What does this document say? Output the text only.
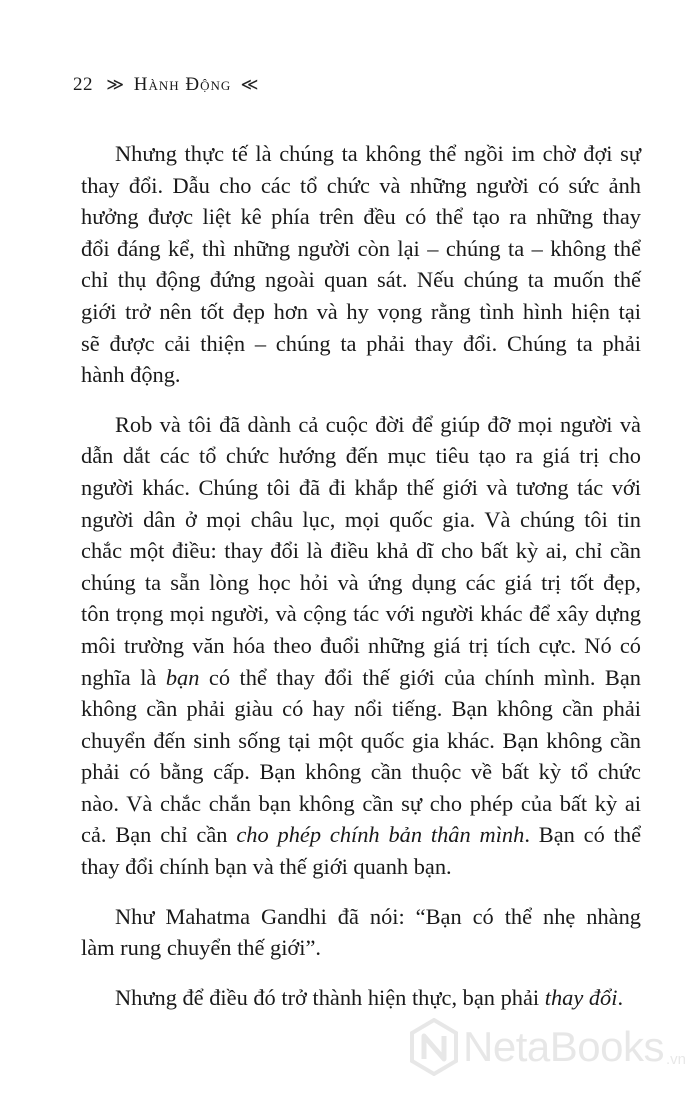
22 ≫ Hành Động ≪
Nhưng thực tế là chúng ta không thể ngồi im chờ đợi sự
thay đổi. Dẫu cho các tổ chức và những người có sức ảnh
hưởng được liệt kê phía trên đều có thể tạo ra những thay
đổi đáng kể, thì những người còn lại – chúng ta – không thể
chỉ thụ động đứng ngoài quan sát. Nếu chúng ta muốn thế
giới trở nên tốt đẹp hơn và hy vọng rằng tình hình hiện tại
sẽ được cải thiện – chúng ta phải thay đổi. Chúng ta phải
hành động.
Rob và tôi đã dành cả cuộc đời để giúp đỡ mọi người và
dẫn dắt các tổ chức hướng đến mục tiêu tạo ra giá trị cho
người khác. Chúng tôi đã đi khắp thế giới và tương tác với
người dân ở mọi châu lục, mọi quốc gia. Và chúng tôi tin
chắc một điều: thay đổi là điều khả dĩ cho bất kỳ ai, chỉ cần
chúng ta sẵn lòng học hỏi và ứng dụng các giá trị tốt đẹp,
tôn trọng mọi người, và cộng tác với người khác để xây dựng
môi trường văn hóa theo đuổi những giá trị tích cực. Nó có
nghĩa là bạn có thể thay đổi thế giới của chính mình. Bạn
không cần phải giàu có hay nổi tiếng. Bạn không cần phải
chuyển đến sinh sống tại một quốc gia khác. Bạn không cần
phải có bằng cấp. Bạn không cần thuộc về bất kỳ tổ chức
nào. Và chắc chắn bạn không cần sự cho phép của bất kỳ ai
cả. Bạn chỉ cần cho phép chính bản thân mình. Bạn có thể
thay đổi chính bạn và thế giới quanh bạn.
Như Mahatma Gandhi đã nói: “Bạn có thể nhẹ nhàng
làm rung chuyển thế giới”.
Nhưng để điều đó trở thành hiện thực, bạn phải thay đổi.
NetaBooks .vn
